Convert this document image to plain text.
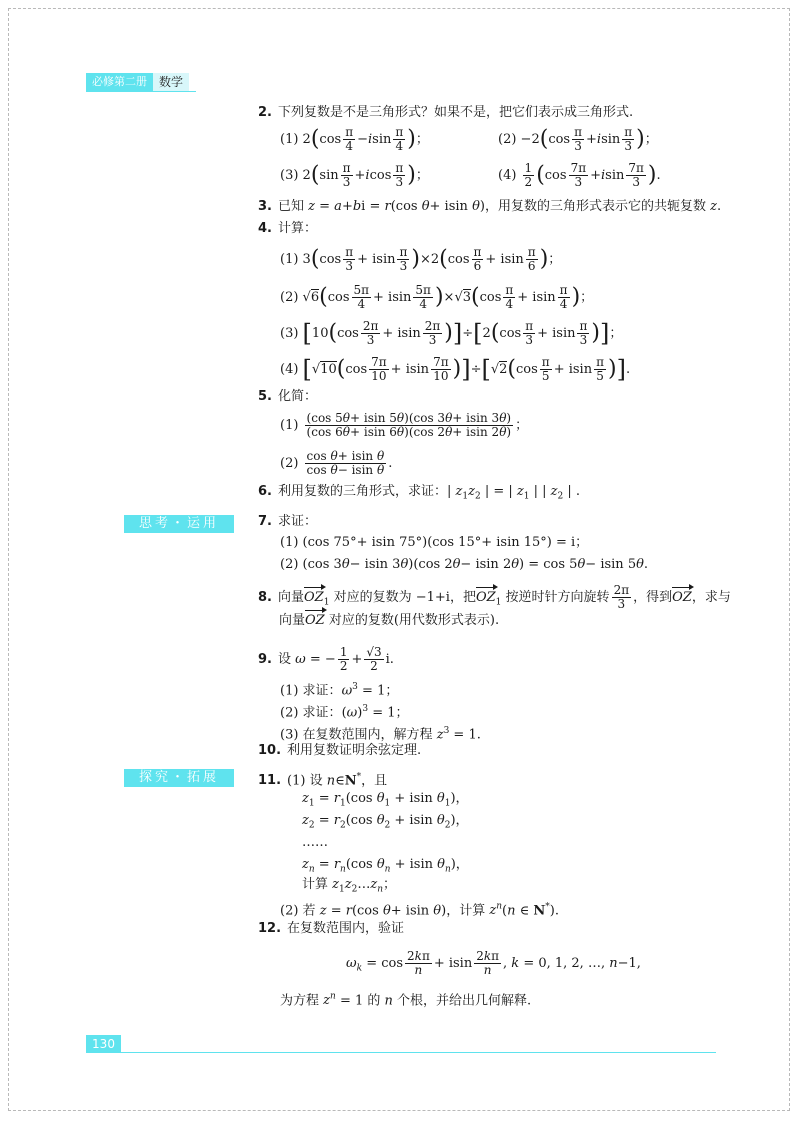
必修第二册	数学
2. 下列复数是不是三角形式？如果不是，把它们表示成三角形式.
(1) $2(\cos \frac{\pi}{4} -isin \frac{\pi}{4}$ )；	$(2) -2(\cos \frac{\pi}{3} +isin \frac{\pi}{3}$ )；
(3) $2(\sin \frac{\pi}{3} +icos \frac{\pi}{3}$ )；	$(4) \frac{1}{2} (\cos \frac{7\pi}{3} +isin \frac{7\pi}{3}$ ).
3. 已知 z = a+bi = r(cos θ+ isin θ)，用复数的三角形式表示它的共轭复数 z.
4. 计算：
(1) $3(\cos \frac{\pi}{3} + isin \frac{\pi}{3} )\times 2(\cos \frac{\pi}{6} + isin \frac{\pi}{6}$ )；
(2) $√6(\cos \frac{5\pi}{4} + isin \frac{5\pi}{4} )\times√3(\cos \frac{\pi}{4} + isin \frac{\pi}{4}$ )；
(3) $[10(\cos \frac{2\pi}{3} + isin \frac{2\pi}{3} )]\div[2(\cos \frac{\pi}{3} + isin \frac{\pi}{3}$ )]；
(4) $[√10(\cos \frac{7\pi}{10} + isin \frac{7\pi}{10} )]\div[√2(\cos \frac{\pi}{5} + isin \frac{\pi}{5}$ )].
5. 化简：
$(1) \frac{(\cos 5\theta+ isin 5\theta)(\cos 3\theta+ isin 3\theta)}{(\cos 6\theta+ isin 6\theta)(\cos 2\theta+ isin 2\theta)}$ ；
$(2) \frac{\text{cos θ+ isin θ}}{\text{cos θ− isin θ}}$ .
6. 利用复数的三角形式，求证：| $z_1z_2$ | = | $z_1$ | | $z_2$ | .
思考・运用	7. 求证：
(1) (cos 75°+ isin 75°)(cos 15°+ isin 15°) = i；
(2) (cos 3θ− isin 3θ)(cos 2θ− isin 2θ) = cos 5θ− isin 5θ.
8. 向量$OZ_1$ 对应的复数为 −1+i，把$OZ_1$ 按逆时针方向旋转 $\frac{2\pi}{3}$ ，得到OZ，求与
向量OZ 对应的复数(用代数形式表示).
9. 设 ω = − $\frac{1}{2} + \frac{√3}{2} i$.
(1) 求证：$\omega^3 = 1$；
(2) 求证：$(\omega)^3 = 1$；
(3) 在复数范围内，解方程 $z^3 = 1$.
10. 利用复数证明余弦定理.
探究・拓展	11. (1) 设 n∈N*，且
$z_1 = r_1(\cos$ $\theta_1 + isin$ $\theta_1$)，
$z_2 = r_2(\cos$ $\theta_2 + isin$ $\theta_2$)，
……
$z_n = r_n(\cos$ $\theta_n + isin$ $\theta_n$)，
计算 $z_1z_2\dots z_n$；
(2) 若 z = r(cos θ+ isin θ)，计算 $z^n(n$ ∈ N*).
12. 在复数范围内，验证
$\omega_k = \cos \frac{2k\pi}{n} + isin \frac{2k\pi}{n}$ , k = 0, 1, 2, …, n−1,
为方程 $z^n = 1$ 的 n 个根，并给出几何解释.
130
